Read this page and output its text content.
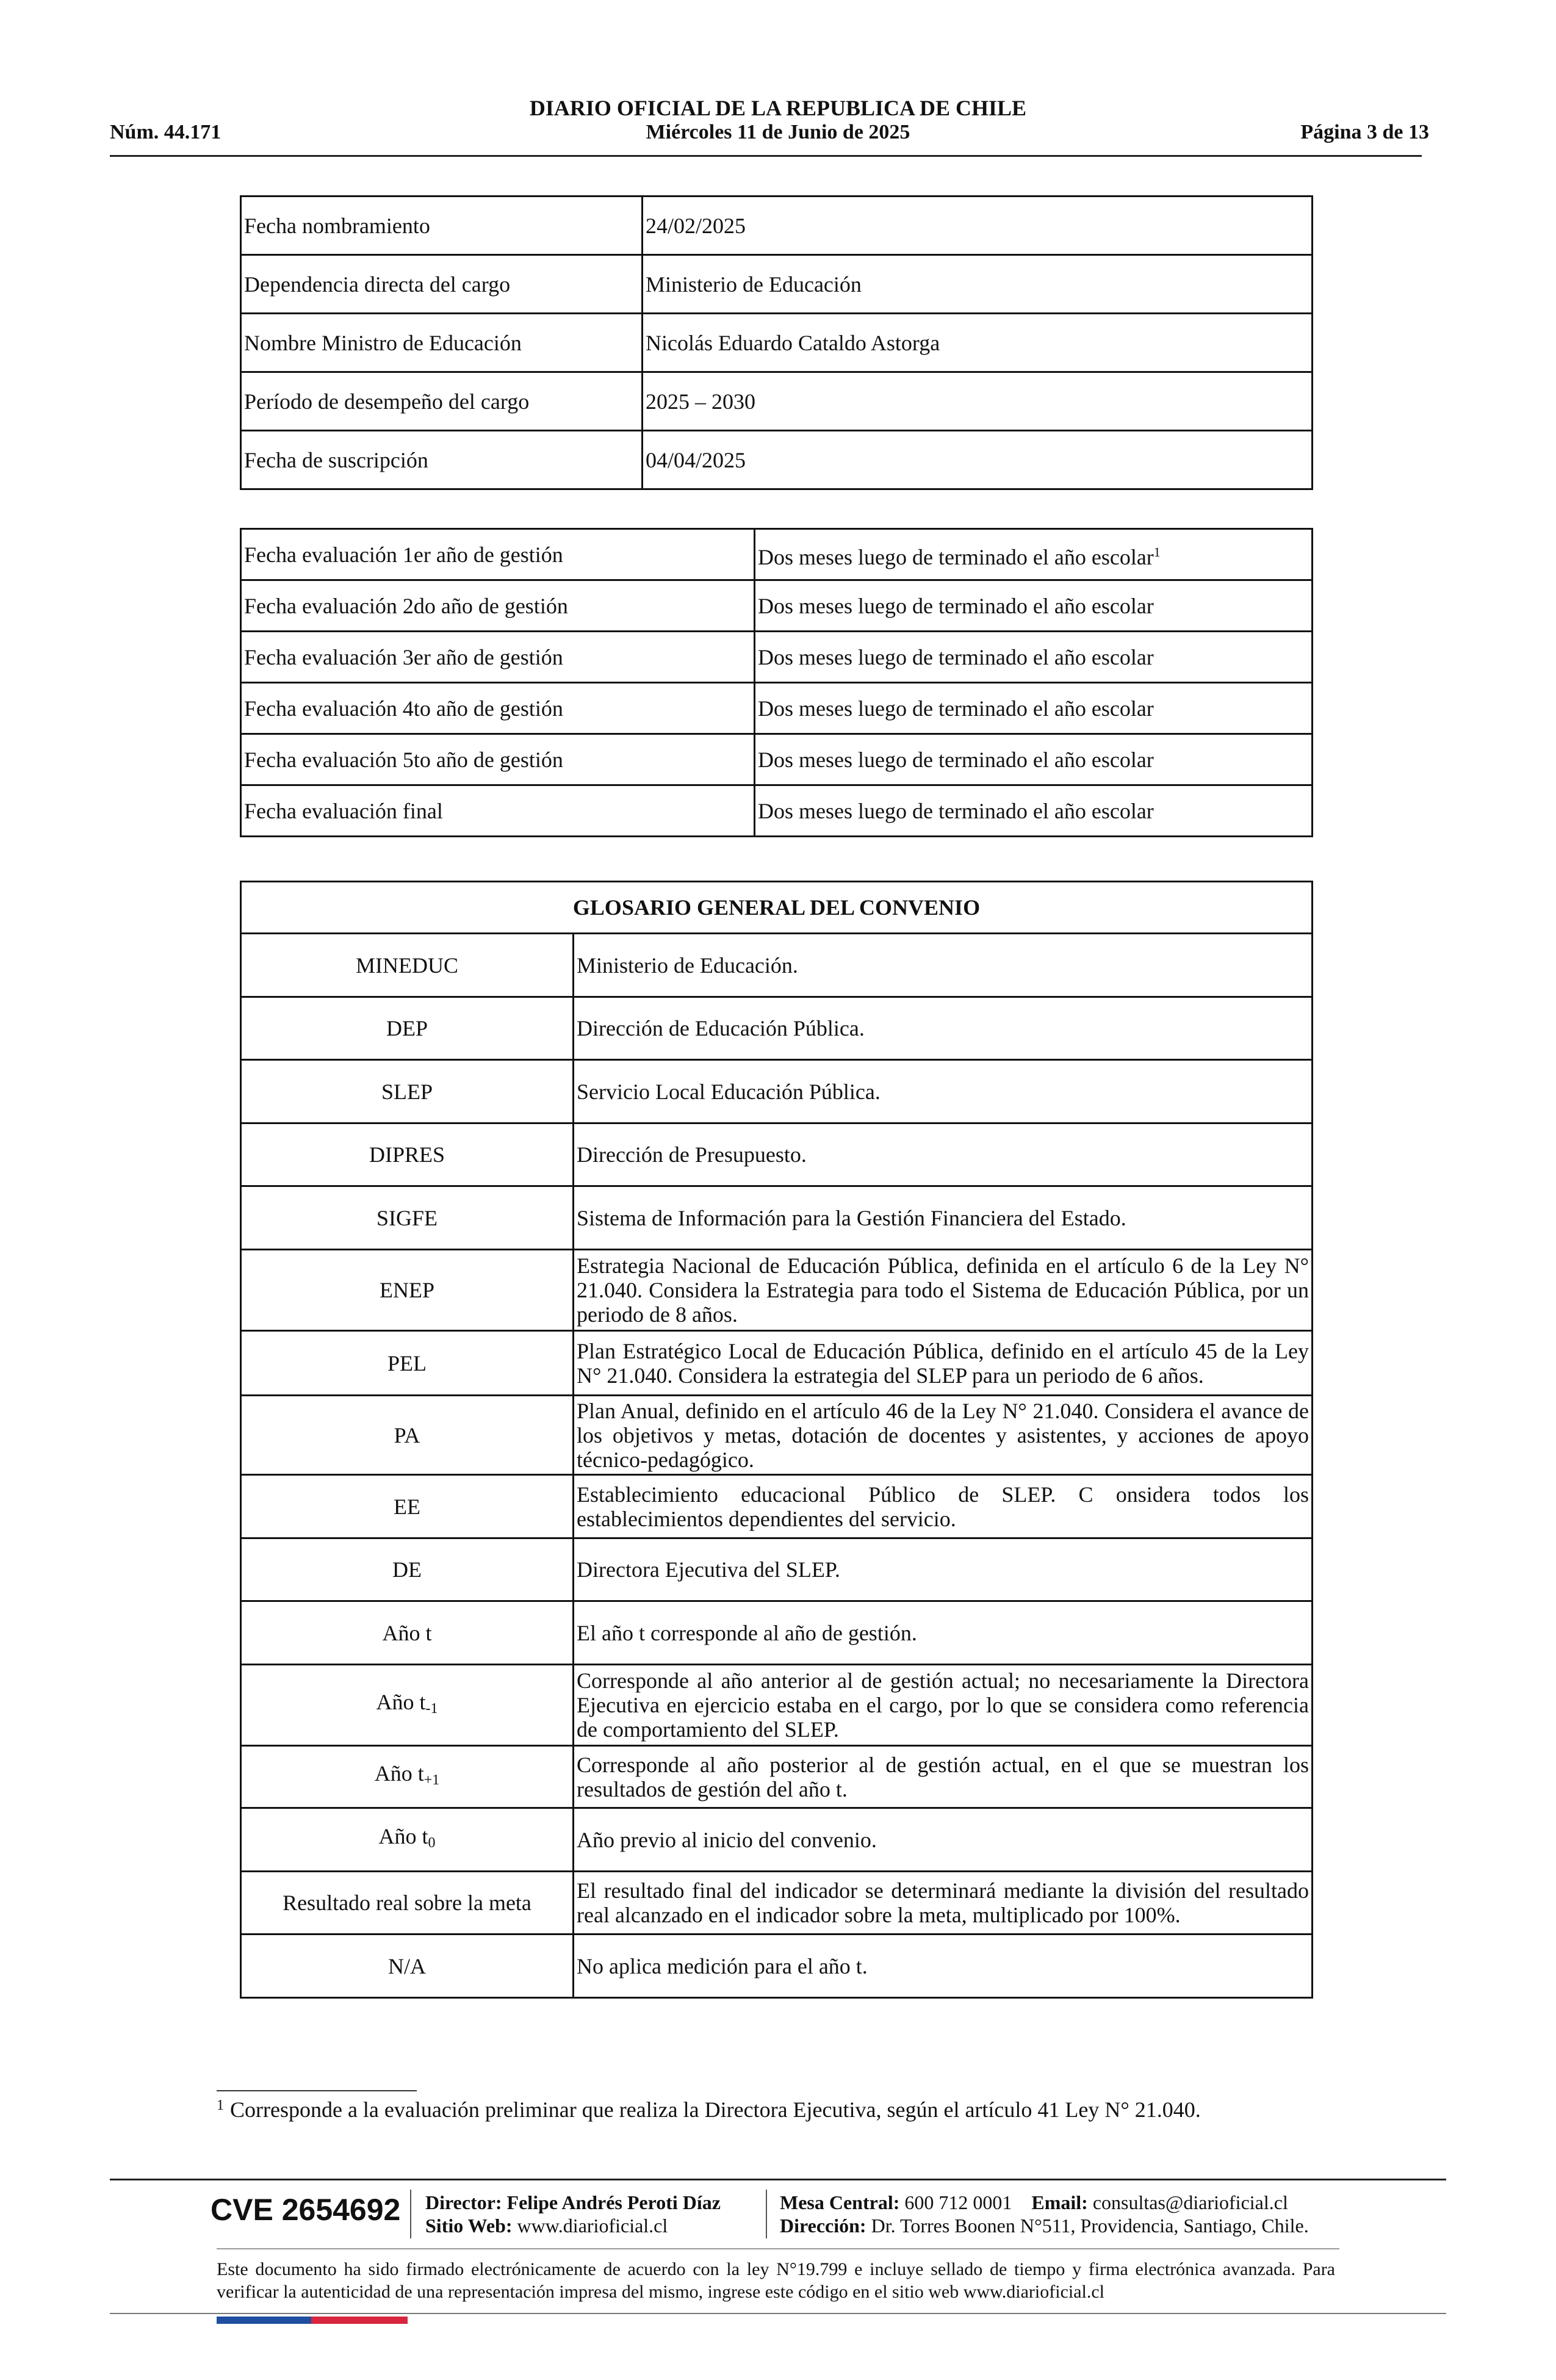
DIARIO OFICIAL DE LA REPUBLICA DE CHILE
Núm. 44.171	Miércoles 11 de Junio de 2025	Página 3 de 13
Fecha nombramiento	24/02/2025
Dependencia directa del cargo	Ministerio de Educación
Nombre Ministro de Educación	Nicolás Eduardo Cataldo Astorga
Período de desempeño del cargo	2025 – 2030
Fecha de suscripción	04/04/2025
Fecha evaluación 1er año de gestión	Dos meses luego de terminado el año escolar$^1$
Fecha evaluación 2do año de gestión	Dos meses luego de terminado el año escolar
Fecha evaluación 3er año de gestión	Dos meses luego de terminado el año escolar
Fecha evaluación 4to año de gestión	Dos meses luego de terminado el año escolar
Fecha evaluación 5to año de gestión	Dos meses luego de terminado el año escolar
Fecha evaluación final	Dos meses luego de terminado el año escolar
GLOSARIO GENERAL DEL CONVENIO	
MINEDUC	Ministerio de Educación.
DEP	Dirección de Educación Pública.
SLEP	Servicio Local Educación Pública.
DIPRES	Dirección de Presupuesto.
SIGFE	Sistema de Información para la Gestión Financiera del Estado.
ENEP	Estrategia Nacional de Educación Pública, definida en el artículo 6 de la Ley N° 21.040. Considera la Estrategia para todo el Sistema de Educación Pública, por un periodo de 8 años.
PEL	Plan Estratégico Local de Educación Pública, definido en el artículo 45 de la Ley N° 21.040. Considera la estrategia del SLEP para un periodo de 6 años.
PA	Plan Anual, definido en el artículo 46 de la Ley N° 21.040. Considera el avance de los objetivos y metas, dotación de docentes y asistentes, y acciones de apoyo técnico-pedagógico.
EE	Establecimiento educacional Público de SLEP. C onsidera todos los establecimientos dependientes del servicio.
DE	Directora Ejecutiva del SLEP.
Año t	El año t corresponde al año de gestión.
Año $t_{-1}$	Corresponde al año anterior al de gestión actual; no necesariamente la Directora Ejecutiva en ejercicio estaba en el cargo, por lo que se considera como referencia de comportamiento del SLEP.
Año $t_{+1}$	Corresponde al año posterior al de gestión actual, en el que se muestran los resultados de gestión del año t.
Año $t_0$	Año previo al inicio del convenio.
Resultado real sobre la meta	El resultado final del indicador se determinará mediante la división del resultado real alcanzado en el indicador sobre la meta, multiplicado por 100%.
N/A	No aplica medición para el año t.
$^1$ Corresponde a la evaluación preliminar que realiza la Directora Ejecutiva, según el artículo 41 Ley N° 21.040.
CVE 2654692 Director: Felipe Andrés Peroti Díaz
Sitio Web: www.diarioficial.cl
Mesa Central: 600 712 0001 Email: consultas@diarioficial.cl
Dirección: Dr. Torres Boonen N°511, Providencia, Santiago, Chile.
Este documento ha sido firmado electrónicamente de acuerdo con la ley N°19.799 e incluye sellado de tiempo y firma electrónica avanzada. Para verificar la autenticidad de una representación impresa del mismo, ingrese este código en el sitio web www.diarioficial.cl
